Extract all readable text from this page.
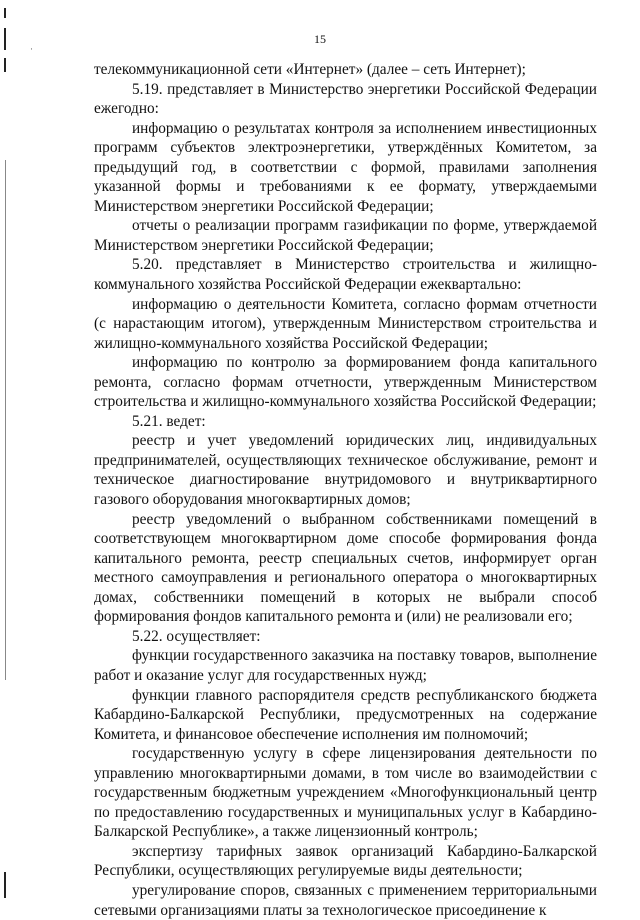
·
15

телекоммуникационной сети «Интернет» (далее – сеть Интернет);

5.19. представляет в Министерство энергетики Российской Федерации ежегодно:

информацию о результатах контроля за исполнением инвестиционных программ субъектов электроэнергетики, утверждённых Комитетом, за предыдущий год, в соответствии с формой, правилами заполнения указанной формы и требованиями к ее формату, утверждаемыми Министерством энергетики Российской Федерации;

отчеты о реализации программ газификации по форме, утверждаемой Министерством энергетики Российской Федерации;

5.20. представляет в Министерство строительства и жилищно-коммунального хозяйства Российской Федерации ежеквартально:

информацию о деятельности Комитета, согласно формам отчетности (с нарастающим итогом), утвержденным Министерством строительства и жилищно-коммунального хозяйства Российской Федерации;

информацию по контролю за формированием фонда капитального ремонта, согласно формам отчетности, утвержденным Министерством строительства и жилищно-коммунального хозяйства Российской Федерации;

5.21. ведет:

реестр и учет уведомлений юридических лиц, индивидуальных предпринимателей, осуществляющих техническое обслуживание, ремонт и техническое диагностирование внутридомового и внутриквартирного газового оборудования многоквартирных домов;

реестр уведомлений о выбранном собственниками помещений в соответствующем многоквартирном доме способе формирования фонда капитального ремонта, реестр специальных счетов, информирует орган местного самоуправления и регионального оператора о многоквартирных домах, собственники помещений в которых не выбрали способ формирования фондов капитального ремонта и (или) не реализовали его;

5.22. осуществляет:

функции государственного заказчика на поставку товаров, выполнение работ и оказание услуг для государственных нужд;

функции главного распорядителя средств республиканского бюджета Кабардино-Балкарской Республики, предусмотренных на содержание Комитета, и финансовое обеспечение исполнения им полномочий;

государственную услугу в сфере лицензирования деятельности по управлению многоквартирными домами, в том числе во взаимодействии с государственным бюджетным учреждением «Многофункциональный центр по предоставлению государственных и муниципальных услуг в Кабардино-Балкарской Республике», а также лицензионный контроль;

экспертизу тарифных заявок организаций Кабардино-Балкарской Республики, осуществляющих регулируемые виды деятельности;

урегулирование споров, связанных с применением территориальными сетевыми организациями платы за технологическое присоединение к
